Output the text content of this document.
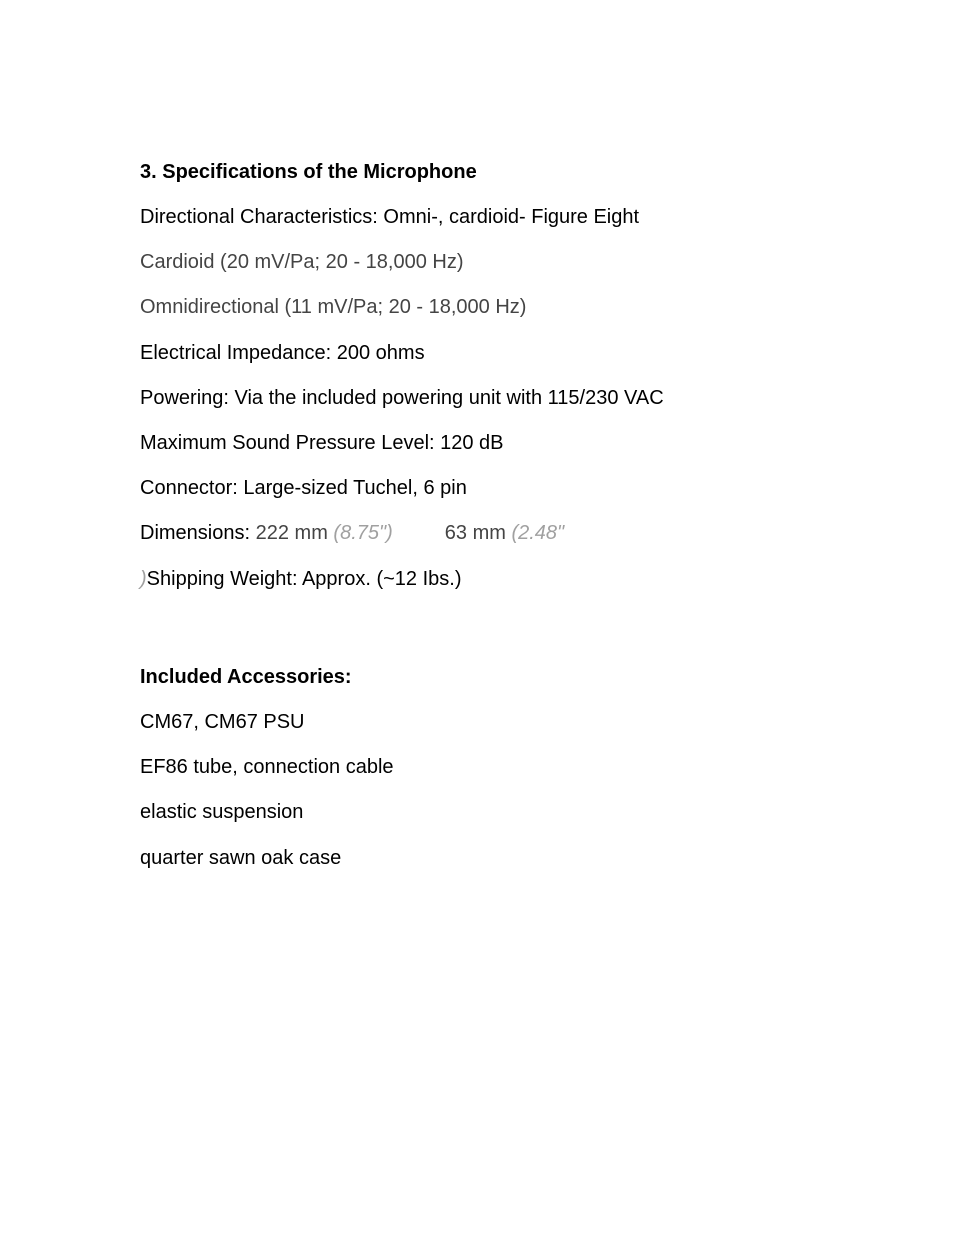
3. Specifications of the Microphone
Directional Characteristics: Omni-, cardioid- Figure Eight
Cardioid (20 mV/Pa; 20 - 18,000 Hz)
Omnidirectional (11 mV/Pa; 20 - 18,000 Hz)
Electrical Impedance: 200 ohms
Powering: Via the included powering unit with 115/230 VAC
Maximum Sound Pressure Level: 120 dB
Connector: Large-sized Tuchel, 6 pin
Dimensions: 222 mm (8.75")	63 mm (2.48"
)Shipping Weight: Approx. (~12 Ibs.)
Included Accessories:
CM67, CM67 PSU
EF86 tube, connection cable
elastic suspension
quarter sawn oak case
